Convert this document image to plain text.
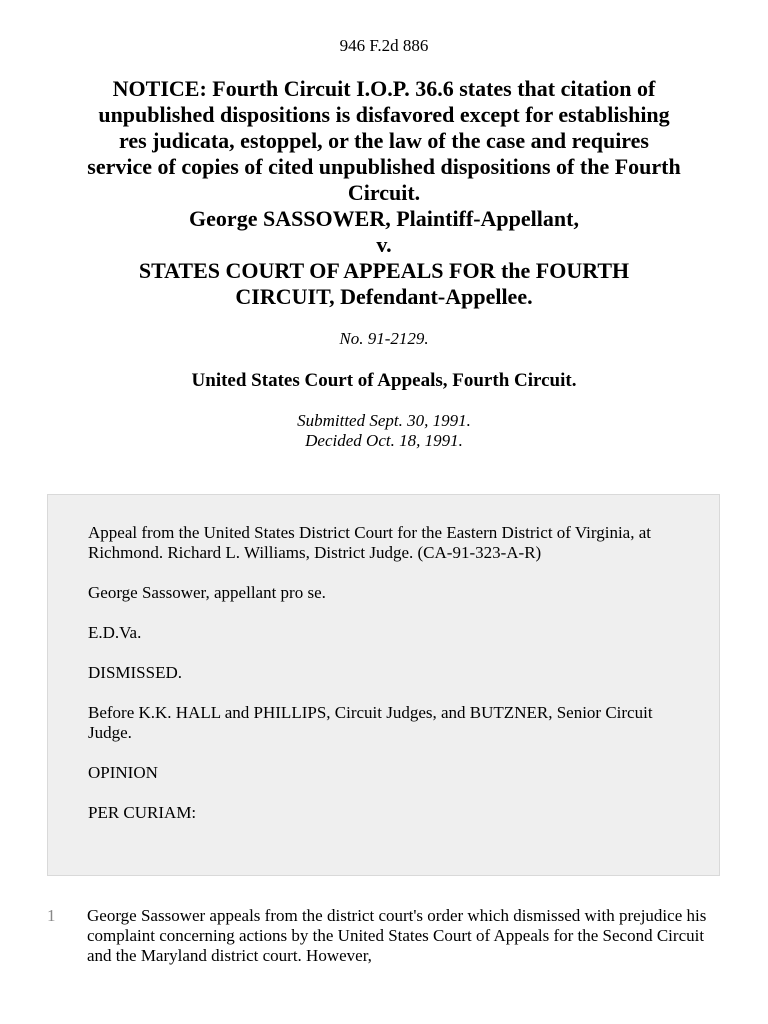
946 F.2d 886
NOTICE: Fourth Circuit I.O.P. 36.6 states that citation of
unpublished dispositions is disfavored except for establishing
res judicata, estoppel, or the law of the case and requires
service of copies of cited unpublished dispositions of the Fourth
Circuit.
George SASSOWER, Plaintiff-Appellant,
v.
STATES COURT OF APPEALS FOR the FOURTH
CIRCUIT, Defendant-Appellee.
No. 91-2129.
United States Court of Appeals, Fourth Circuit.
Submitted Sept. 30, 1991.
Decided Oct. 18, 1991.

Appeal from the United States District Court for the Eastern District of Virginia, at Richmond. Richard L. Williams, District Judge. (CA-91-323-A-R)

George Sassower, appellant pro se.

E.D.Va.

DISMISSED.

Before K.K. HALL and PHILLIPS, Circuit Judges, and BUTZNER, Senior Circuit Judge.

OPINION

PER CURIAM:

1 George Sassower appeals from the district court's order which dismissed with prejudice his complaint concerning actions by the United States Court of Appeals for the Second Circuit and the Maryland district court. However,
